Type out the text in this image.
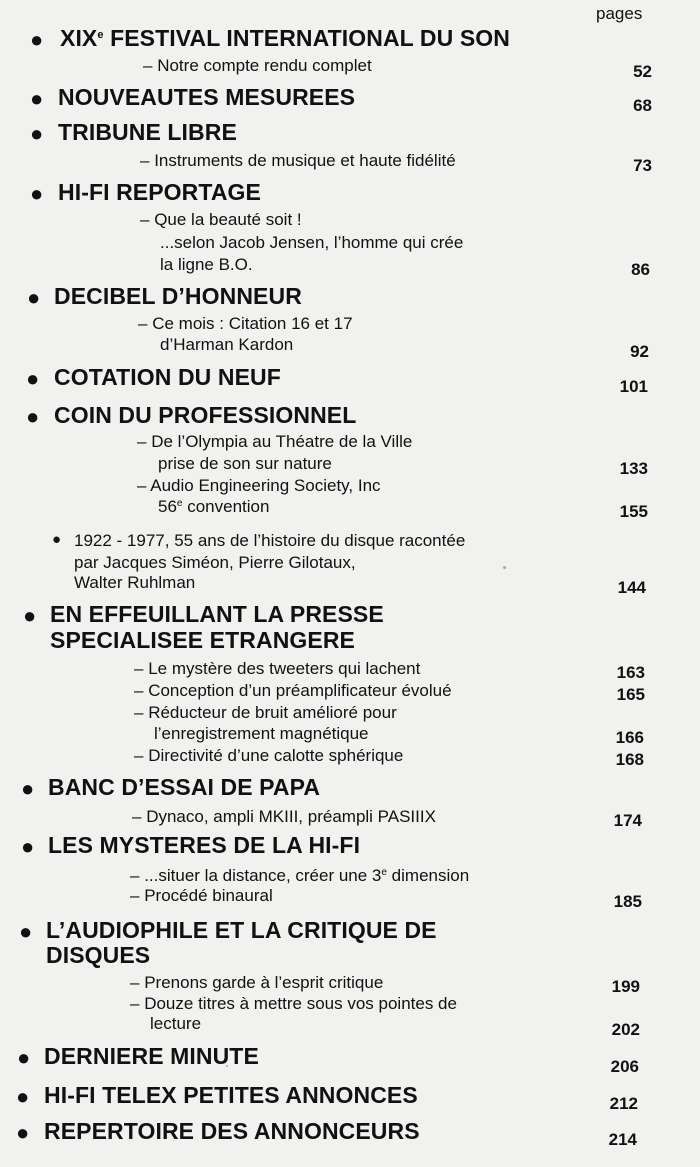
pages
● XIXe FESTIVAL INTERNATIONAL DU SON
– Notre compte rendu complet	52
● NOUVEAUTES MESUREES	68
● TRIBUNE LIBRE
– Instruments de musique et haute fidélité	73
● HI-FI REPORTAGE
– Que la beauté soit !
...selon Jacob Jensen, l’homme qui crée
la ligne B.O.	86
● DECIBEL D’HONNEUR
– Ce mois : Citation 16 et 17
d’Harman Kardon	92
● COTATION DU NEUF	101
● COIN DU PROFESSIONNEL
– De l’Olympia au Théatre de la Ville
prise de son sur nature	133
– Audio Engineering Society, Inc
56e convention	155
● 1922 - 1977, 55 ans de l’histoire du disque racontée
par Jacques Siméon, Pierre Gilotaux,
Walter Ruhlman	144
● EN EFFEUILLANT LA PRESSE
SPECIALISEE ETRANGERE
– Le mystère des tweeters qui lachent	163
– Conception d’un préamplificateur évolué	165
– Réducteur de bruit amélioré pour
l’enregistrement magnétique	166
– Directivité d’une calotte sphérique	168
● BANC D’ESSAI DE PAPA
– Dynaco, ampli MKIII, préampli PASIIIX	174
● LES MYSTERES DE LA HI-FI
– ...situer la distance, créer une 3e dimension
– Procédé binaural	185
● L’AUDIOPHILE ET LA CRITIQUE DE
DISQUES
– Prenons garde à l’esprit critique	199
– Douze titres à mettre sous vos pointes de
lecture	202
● DERNIERE MINUTE	206
● HI-FI TELEX PETITES ANNONCES	212
● REPERTOIRE DES ANNONCEURS	214
